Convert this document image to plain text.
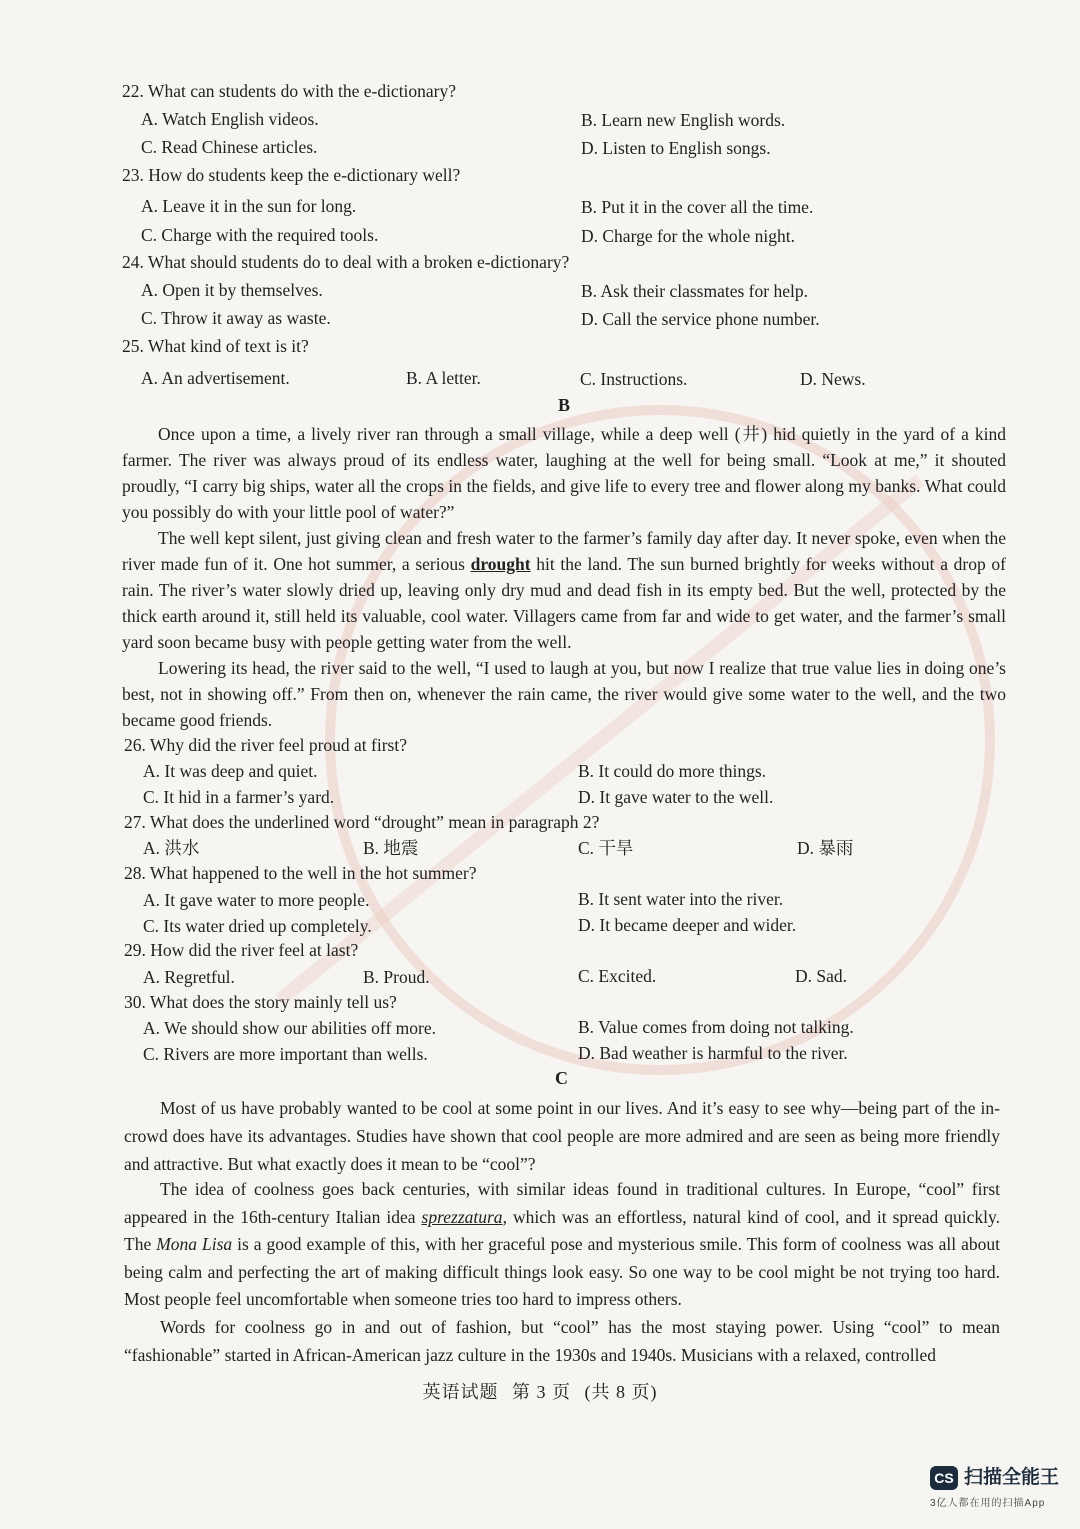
22. What can students do with the e-dictionary?
A. Watch English videos.	B. Learn new English words.
C. Read Chinese articles.	D. Listen to English songs.
23. How do students keep the e-dictionary well?
A. Leave it in the sun for long.	B. Put it in the cover all the time.
C. Charge with the required tools.	D. Charge for the whole night.
24. What should students do to deal with a broken e-dictionary?
A. Open it by themselves.	B. Ask their classmates for help.
C. Throw it away as waste.	D. Call the service phone number.
25. What kind of text is it?
A. An advertisement.	B. A letter.	C. Instructions.	D. News.
B
Once upon a time, a lively river ran through a small village, while a deep well (井) hid quietly in the yard of a kind farmer. The river was always proud of its endless water, laughing at the well for being small. “Look at me,” it shouted proudly, “I carry big ships, water all the crops in the fields, and give life to every tree and flower along my banks. What could you possibly do with your little pool of water?”
The well kept silent, just giving clean and fresh water to the farmer’s family day after day. It never spoke, even when the river made fun of it. One hot summer, a serious drought hit the land. The sun burned brightly for weeks without a drop of rain. The river’s water slowly dried up, leaving only dry mud and dead fish in its empty bed. But the well, protected by the thick earth around it, still held its valuable, cool water. Villagers came from far and wide to get water, and the farmer’s small yard soon became busy with people getting water from the well.
Lowering its head, the river said to the well, “I used to laugh at you, but now I realize that true value lies in doing one’s best, not in showing off.” From then on, whenever the rain came, the river would give some water to the well, and the two became good friends.
26. Why did the river feel proud at first?
A. It was deep and quiet.	B. It could do more things.
C. It hid in a farmer’s yard.	D. It gave water to the well.
27. What does the underlined word “drought” mean in paragraph 2?
A. 洪水	B. 地震	C. 干旱	D. 暴雨
28. What happened to the well in the hot summer?
A. It gave water to more people.	B. It sent water into the river.
C. Its water dried up completely.	D. It became deeper and wider.
29. How did the river feel at last?
A. Regretful.	B. Proud.	C. Excited.	D. Sad.
30. What does the story mainly tell us?
A. We should show our abilities off more.	B. Value comes from doing not talking.
C. Rivers are more important than wells.	D. Bad weather is harmful to the river.
C
Most of us have probably wanted to be cool at some point in our lives. And it’s easy to see why—being part of the in-crowd does have its advantages. Studies have shown that cool people are more admired and are seen as being more friendly and attractive. But what exactly does it mean to be “cool”?
The idea of coolness goes back centuries, with similar ideas found in traditional cultures. In Europe, “cool” first appeared in the 16th-century Italian idea sprezzatura, which was an effortless, natural kind of cool, and it spread quickly. The Mona Lisa is a good example of this, with her graceful pose and mysterious smile. This form of coolness was all about being calm and perfecting the art of making difficult things look easy. So one way to be cool might be not trying too hard. Most people feel uncomfortable when someone tries too hard to impress others.
Words for coolness go in and out of fashion, but “cool” has the most staying power. Using “cool” to mean “fashionable” started in African-American jazz culture in the 1930s and 1940s. Musicians with a relaxed, controlled
英语试题 第 3 页 (共 8 页)
CS 扫描全能王
3亿人都在用的扫描App
